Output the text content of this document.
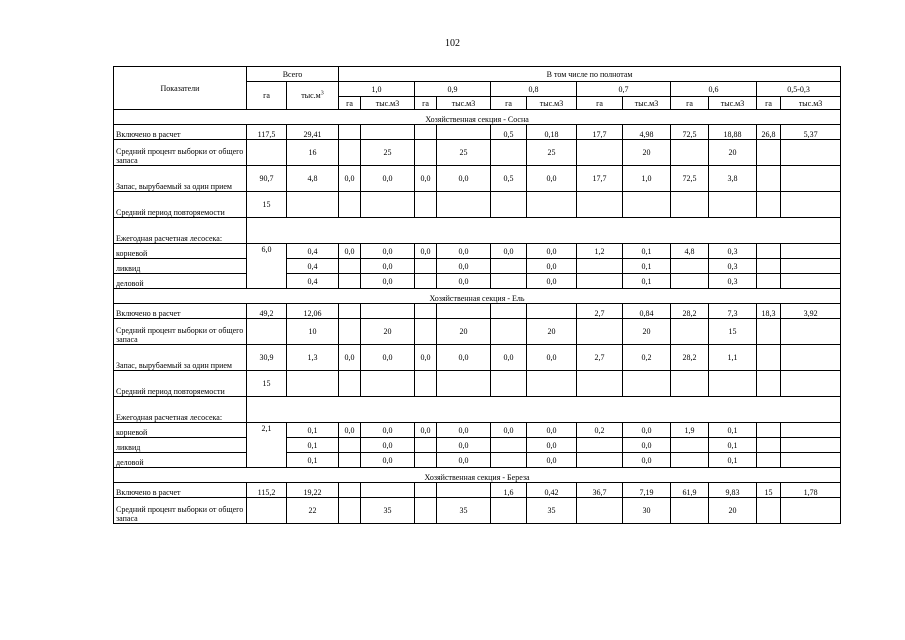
102
Показатели	Всего		В том числе по полнотам											
	га	$тыс.м^3$	1,0		0,9		0,8		0,7		0,6		0,5-0,3	
			га	тыс.м3	га	тыс.м3	га	тыс.м3	га	тыс.м3	га	тыс.м3	га	тыс.м3
Хозяйственная секция - Сосна														
Включено в расчет	117,5	29,41					0,5	0,18	17,7	4,98	72,5	18,88	26,8	5,37
Средний процент выборки от общего запаса		16		25		25		25		20		20		
Запас, вырубаемый за один прием	90,7	4,8	0,0	0,0	0,0	0,0	0,5	0,0	17,7	1,0	72,5	3,8		
Средний период повторяемости	15													
Ежегодная расчетная лесосека:														
корневой	6,0	0,4	0,0	0,0	0,0	0,0	0,0	0,0	1,2	0,1	4,8	0,3		
ликвид		0,4		0,0		0,0		0,0		0,1		0,3		
деловой		0,4		0,0		0,0		0,0		0,1		0,3		
Хозяйственная секция - Ель														
Включено в расчет	49,2	12,06							2,7	0,84	28,2	7,3	18,3	3,92
Средний процент выборки от общего запаса		10		20		20		20		20		15		
Запас, вырубаемый за один прием	30,9	1,3	0,0	0,0	0,0	0,0	0,0	0,0	2,7	0,2	28,2	1,1		
Средний период повторяемости	15													
Ежегодная расчетная лесосека:														
корневой	2,1	0,1	0,0	0,0	0,0	0,0	0,0	0,0	0,2	0,0	1,9	0,1		
ликвид		0,1		0,0		0,0		0,0		0,0		0,1		
деловой		0,1		0,0		0,0		0,0		0,0		0,1		
Хозяйственная секция - Береза														
Включено в расчет	115,2	19,22					1,6	0,42	36,7	7,19	61,9	9,83	15	1,78
Средний процент выборки от общего запаса		22		35		35		35		30		20		
